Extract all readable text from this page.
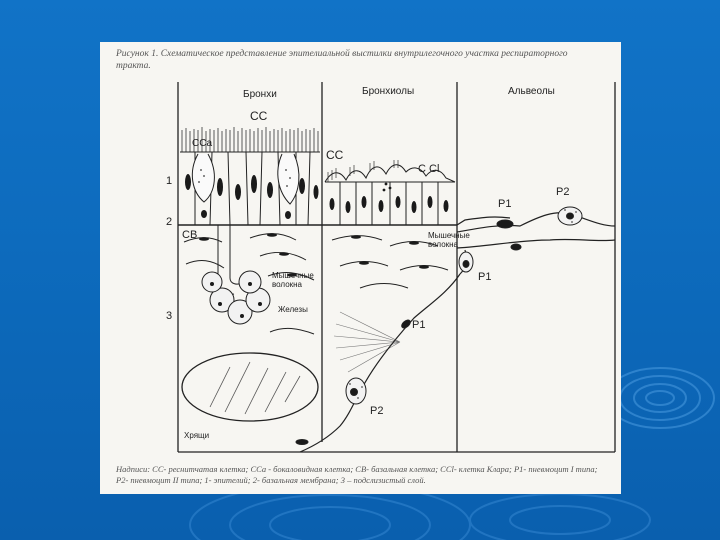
Рисунок 1. Схематическое представление эпителиальной выстилки внутрилегочного участка респираторного тракта.
Бронхи	Бронхиолы	Альвеолы
1
2
3
CC
CCa
CC
C Cl
CB
Мышечные волокна
Железы
Мышечные волокна
P1
P2
P1
P1
P2
Хрящи
Надписи: СС- реснитчатая клетка; ССа - бокаловидная клетка; СВ- базальная клетка; CCl- клетка Клара; P1- пневмоцит I типа; P2- пневмоцит II типа; 1- эпителий; 2- базальная мембрана; 3 – подслизистый слой.
